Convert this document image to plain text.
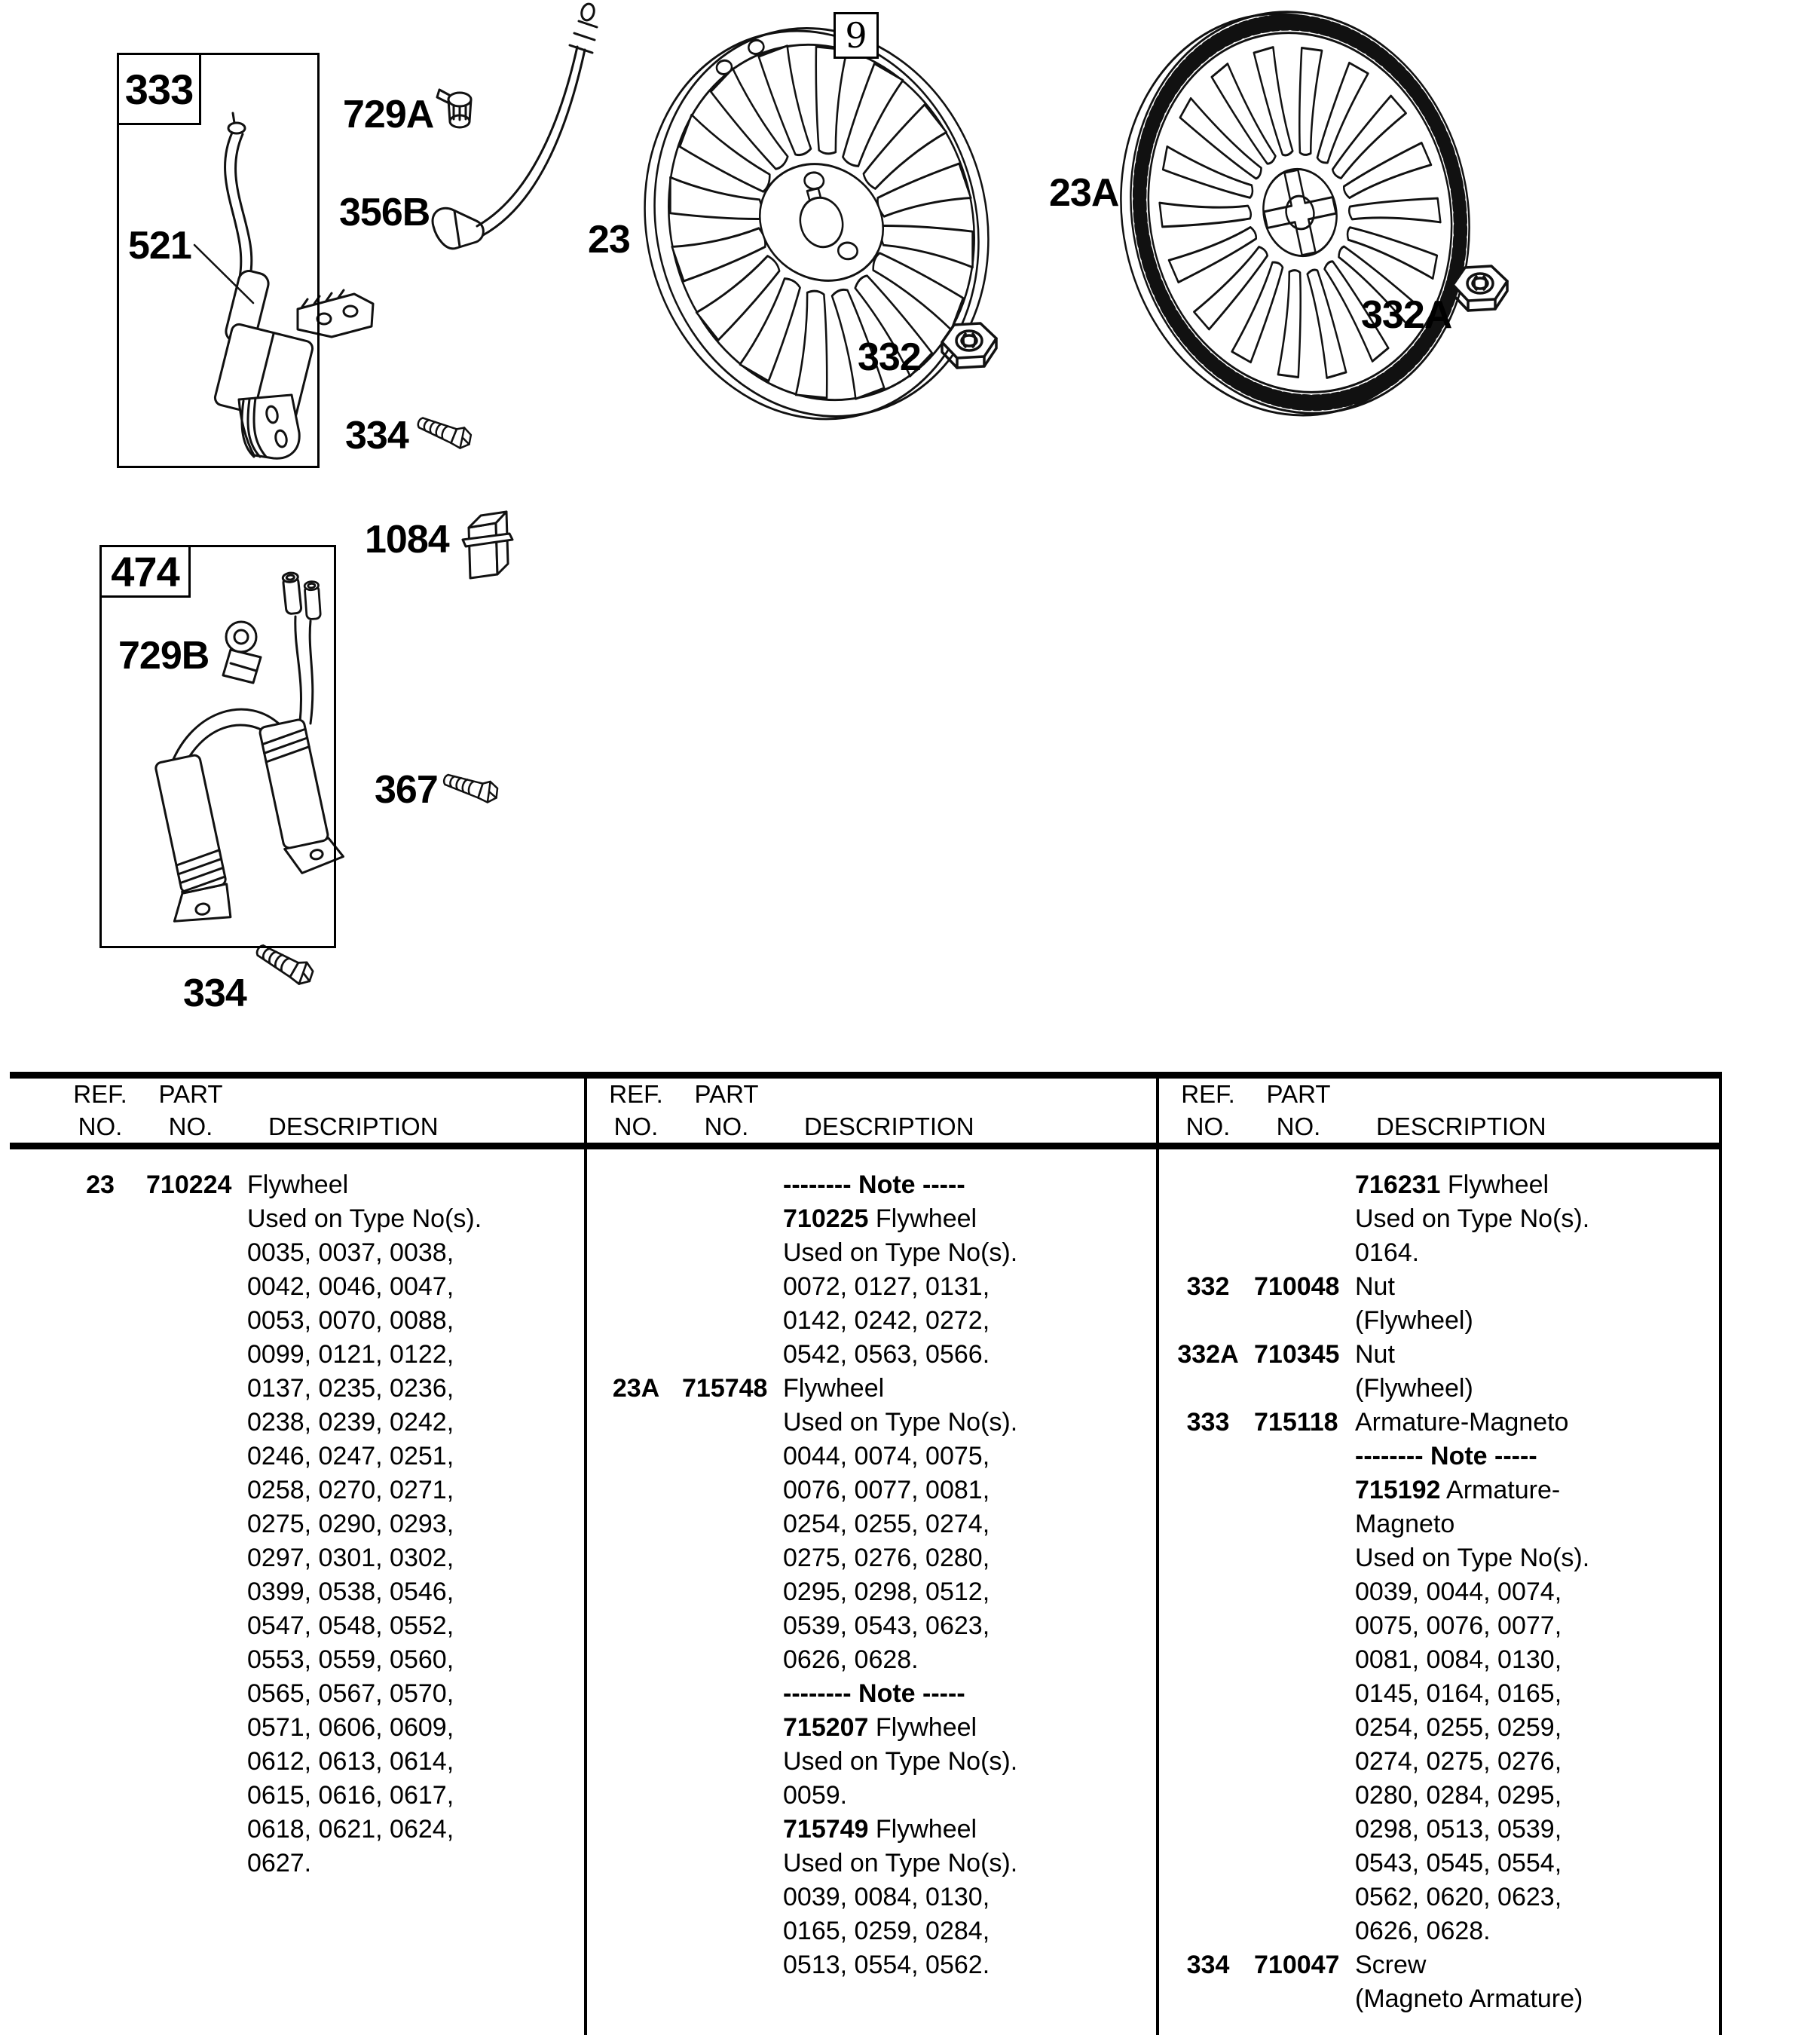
333
474
9
521
729A
356B
23
332
23A
332A
334
1084
729B
367
334
REF.	PART
NO.	NO.	DESCRIPTION
23	710224 Flywheel
Used on Type No(s).
0035, 0037, 0038,
0042, 0046, 0047,
0053, 0070, 0088,
0099, 0121, 0122,
0137, 0235, 0236,
0238, 0239, 0242,
0246, 0247, 0251,
0258, 0270, 0271,
0275, 0290, 0293,
0297, 0301, 0302,
0399, 0538, 0546,
0547, 0548, 0552,
0553, 0559, 0560,
0565, 0567, 0570,
0571, 0606, 0609,
0612, 0613, 0614,
0615, 0616, 0617,
0618, 0621, 0624,
0627.
REF.	PART
NO.	NO.	DESCRIPTION
-------- Note -----
710225 Flywheel
Used on Type No(s).
0072, 0127, 0131,
0142, 0242, 0272,
0542, 0563, 0566.
23A 715748 Flywheel
Used on Type No(s).
0044, 0074, 0075,
0076, 0077, 0081,
0254, 0255, 0274,
0275, 0276, 0280,
0295, 0298, 0512,
0539, 0543, 0623,
0626, 0628.
-------- Note -----
715207 Flywheel
Used on Type No(s).
0059.
715749 Flywheel
Used on Type No(s).
0039, 0084, 0130,
0165, 0259, 0284,
0513, 0554, 0562.
REF.	PART
NO.	NO.	DESCRIPTION
716231 Flywheel
Used on Type No(s).
0164.
332 710048 Nut
(Flywheel)
332A 710345 Nut
(Flywheel)
333 715118 Armature-Magneto
-------- Note -----
715192 Armature-
Magneto
Used on Type No(s).
0039, 0044, 0074,
0075, 0076, 0077,
0081, 0084, 0130,
0145, 0164, 0165,
0254, 0255, 0259,
0274, 0275, 0276,
0280, 0284, 0295,
0298, 0513, 0539,
0543, 0545, 0554,
0562, 0620, 0623,
0626, 0628.
334 710047 Screw
(Magneto Armature)
